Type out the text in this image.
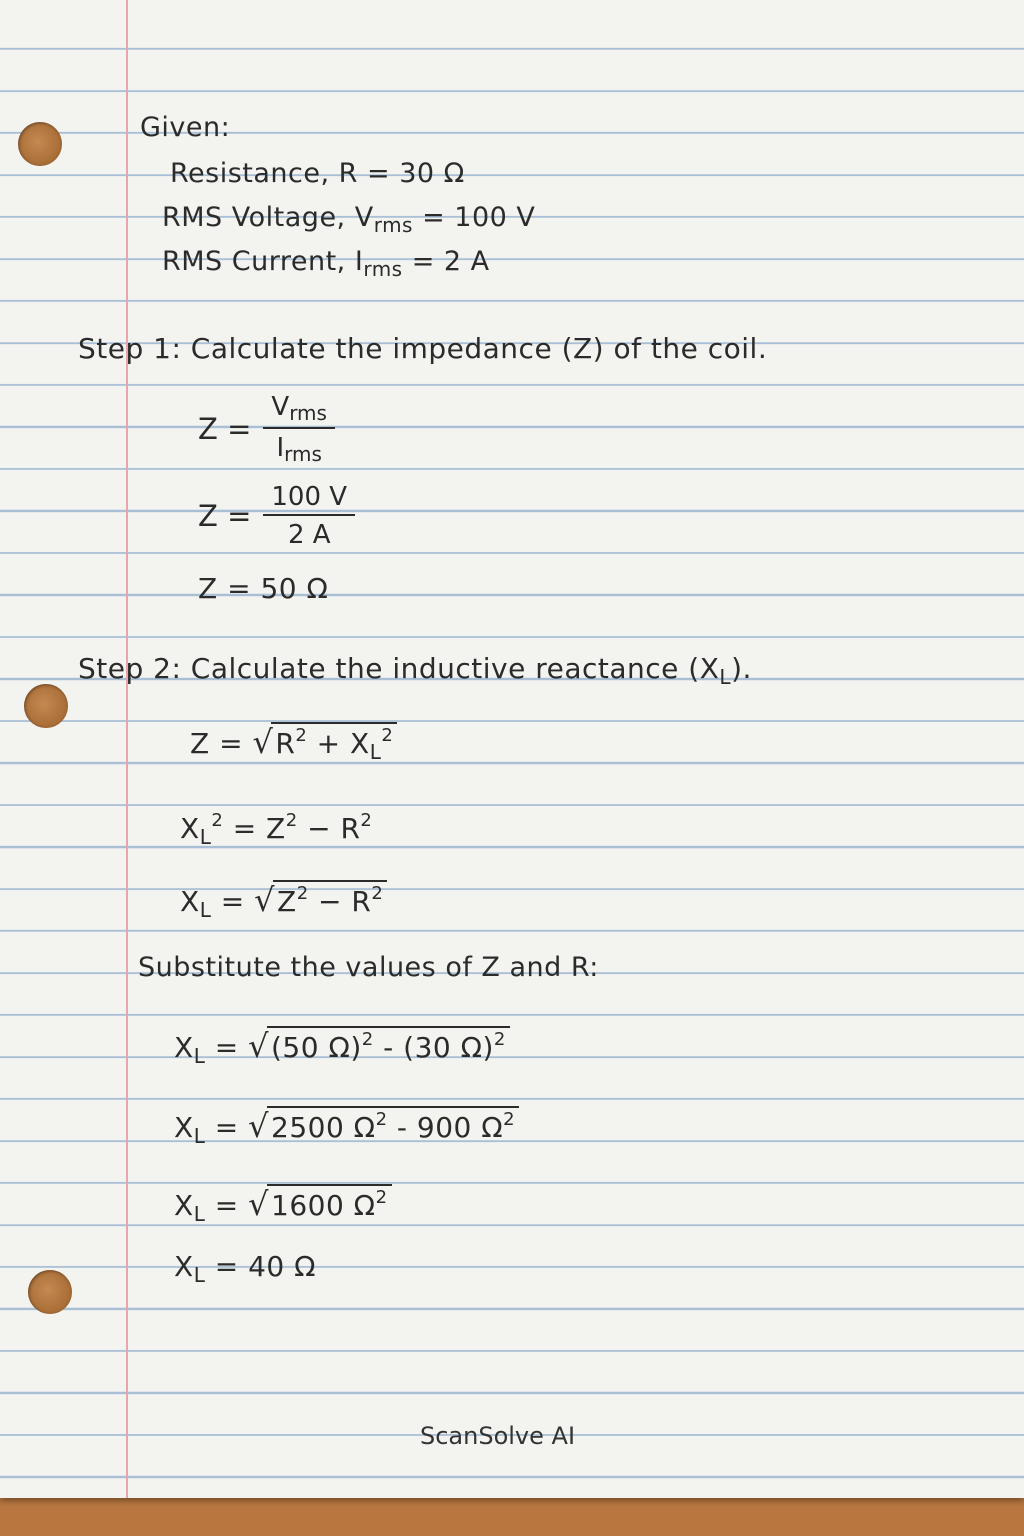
Given:
Resistance, R = 30 Ω
RMS Voltage, $V_{rms} = 100$ V
RMS Current, $I_{rms} = 2$ A
Step 1: Calculate the impedance (Z) of the coil.
$Z = \frac{V_{rms}}{I_{rms}}$
$Z = \frac{100 V}{2 A}$
Z = 50 Ω
Step 2: Calculate the inductive reactance $(X_L)$.
$Z = √R^2 + X_L^2$
$X_L^2 = Z^2 - R^2$
$X_L = √Z^2 - R^2$
Substitute the values of Z and R:
$X_L = √(50$ Ω)$^2$ - (30 Ω)$^2$
$X_L = √2500$ $\Omega^2 - 900$ $\Omega^2$
$X_L = √1600$ $\Omega^2$
$X_L = 40$ Ω
ScanSolve AI
